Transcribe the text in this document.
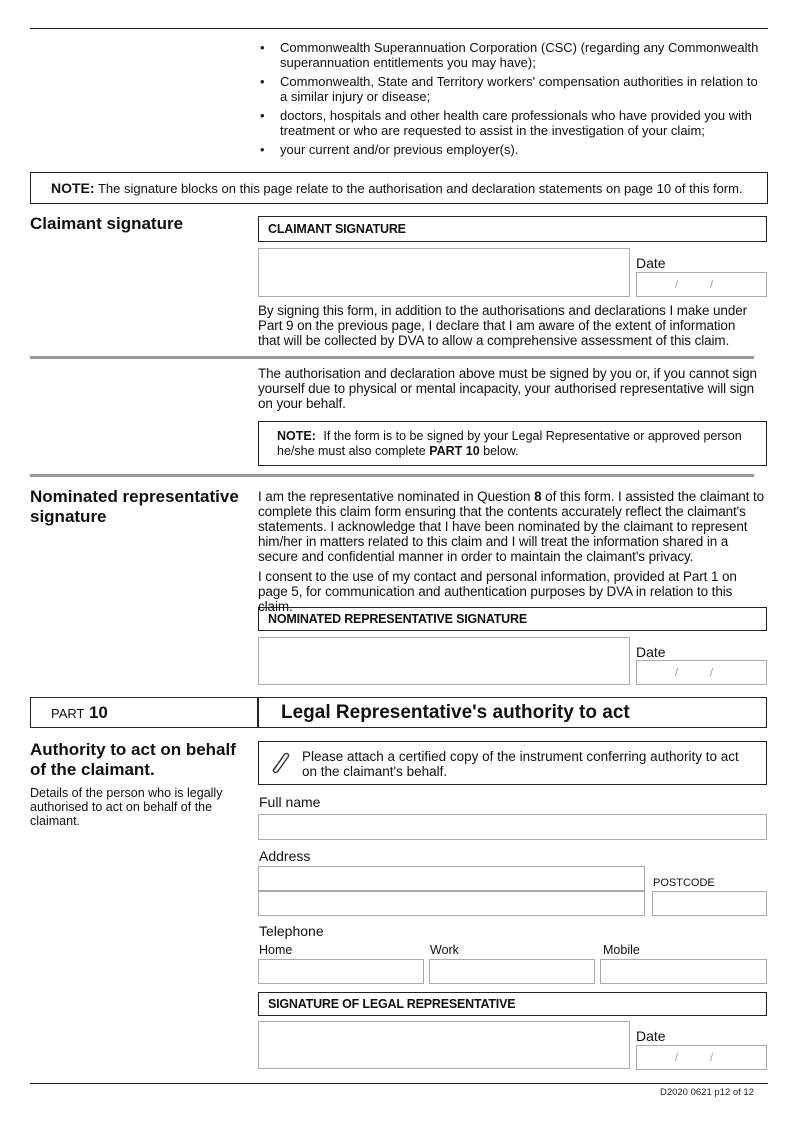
• Commonwealth Superannuation Corporation (CSC) (regarding any Commonwealth superannuation entitlements you may have);
• Commonwealth, State and Territory workers' compensation authorities in relation to a similar injury or disease;
• doctors, hospitals and other health care professionals who have provided you with treatment or who are requested to assist in the investigation of your claim;
• your current and/or previous employer(s).
NOTE: The signature blocks on this page relate to the authorisation and declaration statements on page 10 of this form.
Claimant signature	CLAIMANT SIGNATURE
Date
/	/
By signing this form, in addition to the authorisations and declarations I make under Part 9 on the previous page, I declare that I am aware of the extent of information that will be collected by DVA to allow a comprehensive assessment of this claim.
The authorisation and declaration above must be signed by you or, if you cannot sign yourself due to physical or mental incapacity, your authorised representative will sign on your behalf.
NOTE: If the form is to be signed by your Legal Representative or approved person he/she must also complete PART 10 below.
Nominated representative signature
I am the representative nominated in Question 8 of this form. I assisted the claimant to complete this claim form ensuring that the contents accurately reflect the claimant's statements. I acknowledge that I have been nominated by the claimant to represent him/her in matters related to this claim and I will treat the information shared in a secure and confidential manner in order to maintain the claimant's privacy.
I consent to the use of my contact and personal information, provided at Part 1 on page 5, for communication and authentication purposes by DVA in relation to this claim.
NOMINATED REPRESENTATIVE SIGNATURE
Date
/	/
PART 10	Legal Representative's authority to act
Authority to act on behalf of the claimant.
Details of the person who is legally authorised to act on behalf of the claimant.
Please attach a certified copy of the instrument conferring authority to act on the claimant's behalf.
Full name
Address
POSTCODE
Telephone
Home	Work	Mobile
SIGNATURE OF LEGAL REPRESENTATIVE
Date
/	/
D2020 0621 p12 of 12
